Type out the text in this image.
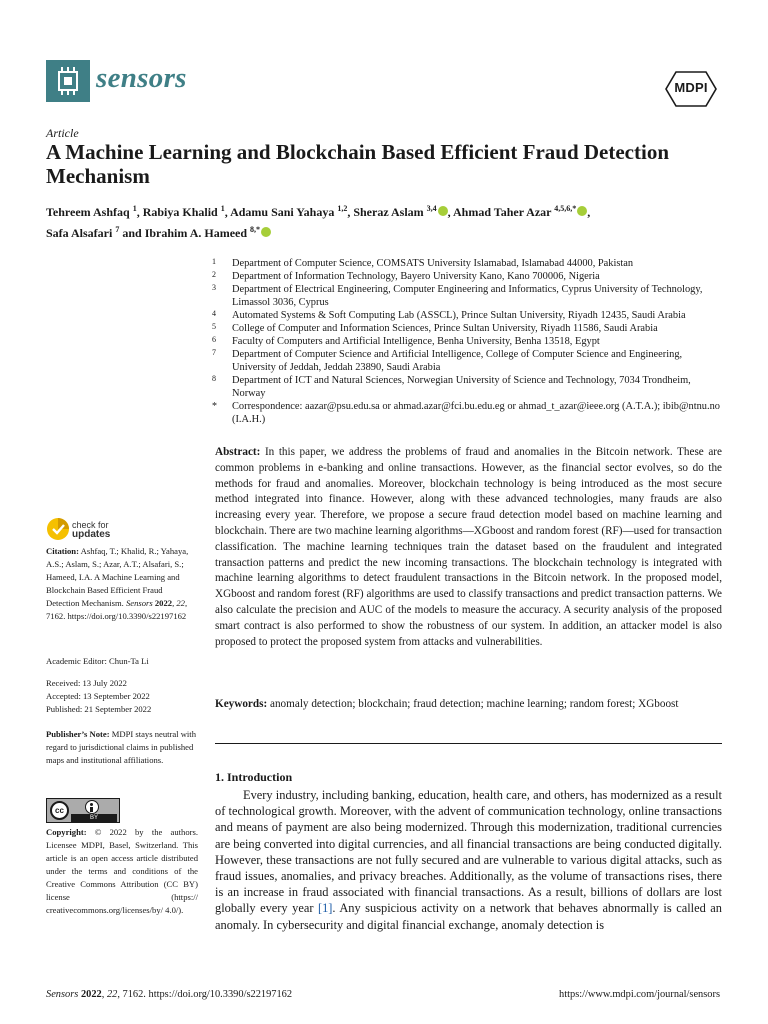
sensors	MDPI
Article
A Machine Learning and Blockchain Based Efficient Fraud Detection Mechanism
Tehreem Ashfaq $^1$, Rabiya Khalid $^1$, Adamu Sani Yahaya $^{1,2}$, Sheraz Aslam $^{3,4}$ , Ahmad Taher Azar $^{4,5,6,*}$ ,
Safa Alsafari $^7$ and Ibrahim A. Hameed $^{8,*}$
1 Department of Computer Science, COMSATS University Islamabad, Islamabad 44000, Pakistan
2 Department of Information Technology, Bayero University Kano, Kano 700006, Nigeria
3 Department of Electrical Engineering, Computer Engineering and Informatics, Cyprus University of Technology, Limassol 3036, Cyprus
4 Automated Systems & Soft Computing Lab (ASSCL), Prince Sultan University, Riyadh 12435, Saudi Arabia
5 College of Computer and Information Sciences, Prince Sultan University, Riyadh 11586, Saudi Arabia
6 Faculty of Computers and Artificial Intelligence, Benha University, Benha 13518, Egypt
7 Department of Computer Science and Artificial Intelligence, College of Computer Science and Engineering, University of Jeddah, Jeddah 23890, Saudi Arabia
8 Department of ICT and Natural Sciences, Norwegian University of Science and Technology, 7034 Trondheim, Norway
* Correspondence: aazar@psu.edu.sa or ahmad.azar@fci.bu.edu.eg or ahmad_t_azar@ieee.org (A.T.A.); ibib@ntnu.no (I.A.H.)
Abstract: In this paper, we address the problems of fraud and anomalies in the Bitcoin network. These are common problems in e-banking and online transactions. However, as the financial sector evolves, so do the methods for fraud and anomalies. Moreover, blockchain technology is being introduced as the most secure method integrated into finance. However, along with these advanced technologies, many frauds are also increasing every year. Therefore, we propose a secure fraud detection model based on machine learning and blockchain. There are two machine learning algorithms—XGboost and random forest (RF)—used for transaction classification. The machine learning techniques train the dataset based on the fraudulent and integrated transaction patterns and predict the new incoming transactions. The blockchain technology is integrated with machine learning algorithms to detect fraudulent transactions in the Bitcoin network. In the proposed model, XGboost and random forest (RF) algorithms are used to classify transactions and predict transaction patterns. We also calculate the precision and AUC of the models to measure the accuracy. A security analysis of the proposed smart contract is also performed to show the robustness of our system. In addition, an attacker model is also proposed to protect the proposed system from attacks and vulnerabilities.
Keywords: anomaly detection; blockchain; fraud detection; machine learning; random forest; XGboost
1. Introduction
Every industry, including banking, education, health care, and others, has modernized as a result of technological growth. Moreover, with the advent of communication technology, online transactions and means of payment are also being modernized. Through this modernization, traditional currencies are being converted into digital currencies, and all financial transactions are being conducted digitally. However, these transactions are not fully secured and are vulnerable to various digital attacks, such as fraud issues, anomalies, and privacy breaches. Additionally, as the volume of transactions rises, there is an increase in fraud associated with financial transactions. As a result, billions of dollars are lost globally every year [1]. Any suspicious activity on a network that behaves abnormally is called an anomaly. In cybersecurity and digital financial exchange, anomaly detection is
check for
updates
Citation: Ashfaq, T.; Khalid, R.; Yahaya, A.S.; Aslam, S.; Azar, A.T.; Alsafari, S.; Hameed, I.A. A Machine Learning and Blockchain Based Efficient Fraud Detection Mechanism. Sensors 2022, 22, 7162. https://doi.org/10.3390/s22197162
Academic Editor: Chun-Ta Li
Received: 13 July 2022
Accepted: 13 September 2022
Published: 21 September 2022
Publisher’s Note: MDPI stays neutral with regard to jurisdictional claims in published maps and institutional affiliations.
cc
BY
Copyright: © 2022 by the authors. Licensee MDPI, Basel, Switzerland. This article is an open access article distributed under the terms and conditions of the Creative Commons Attribution (CC BY) license (https:// creativecommons.org/licenses/by/ 4.0/).
Sensors 2022, 22, 7162. https://doi.org/10.3390/s22197162	https://www.mdpi.com/journal/sensors
